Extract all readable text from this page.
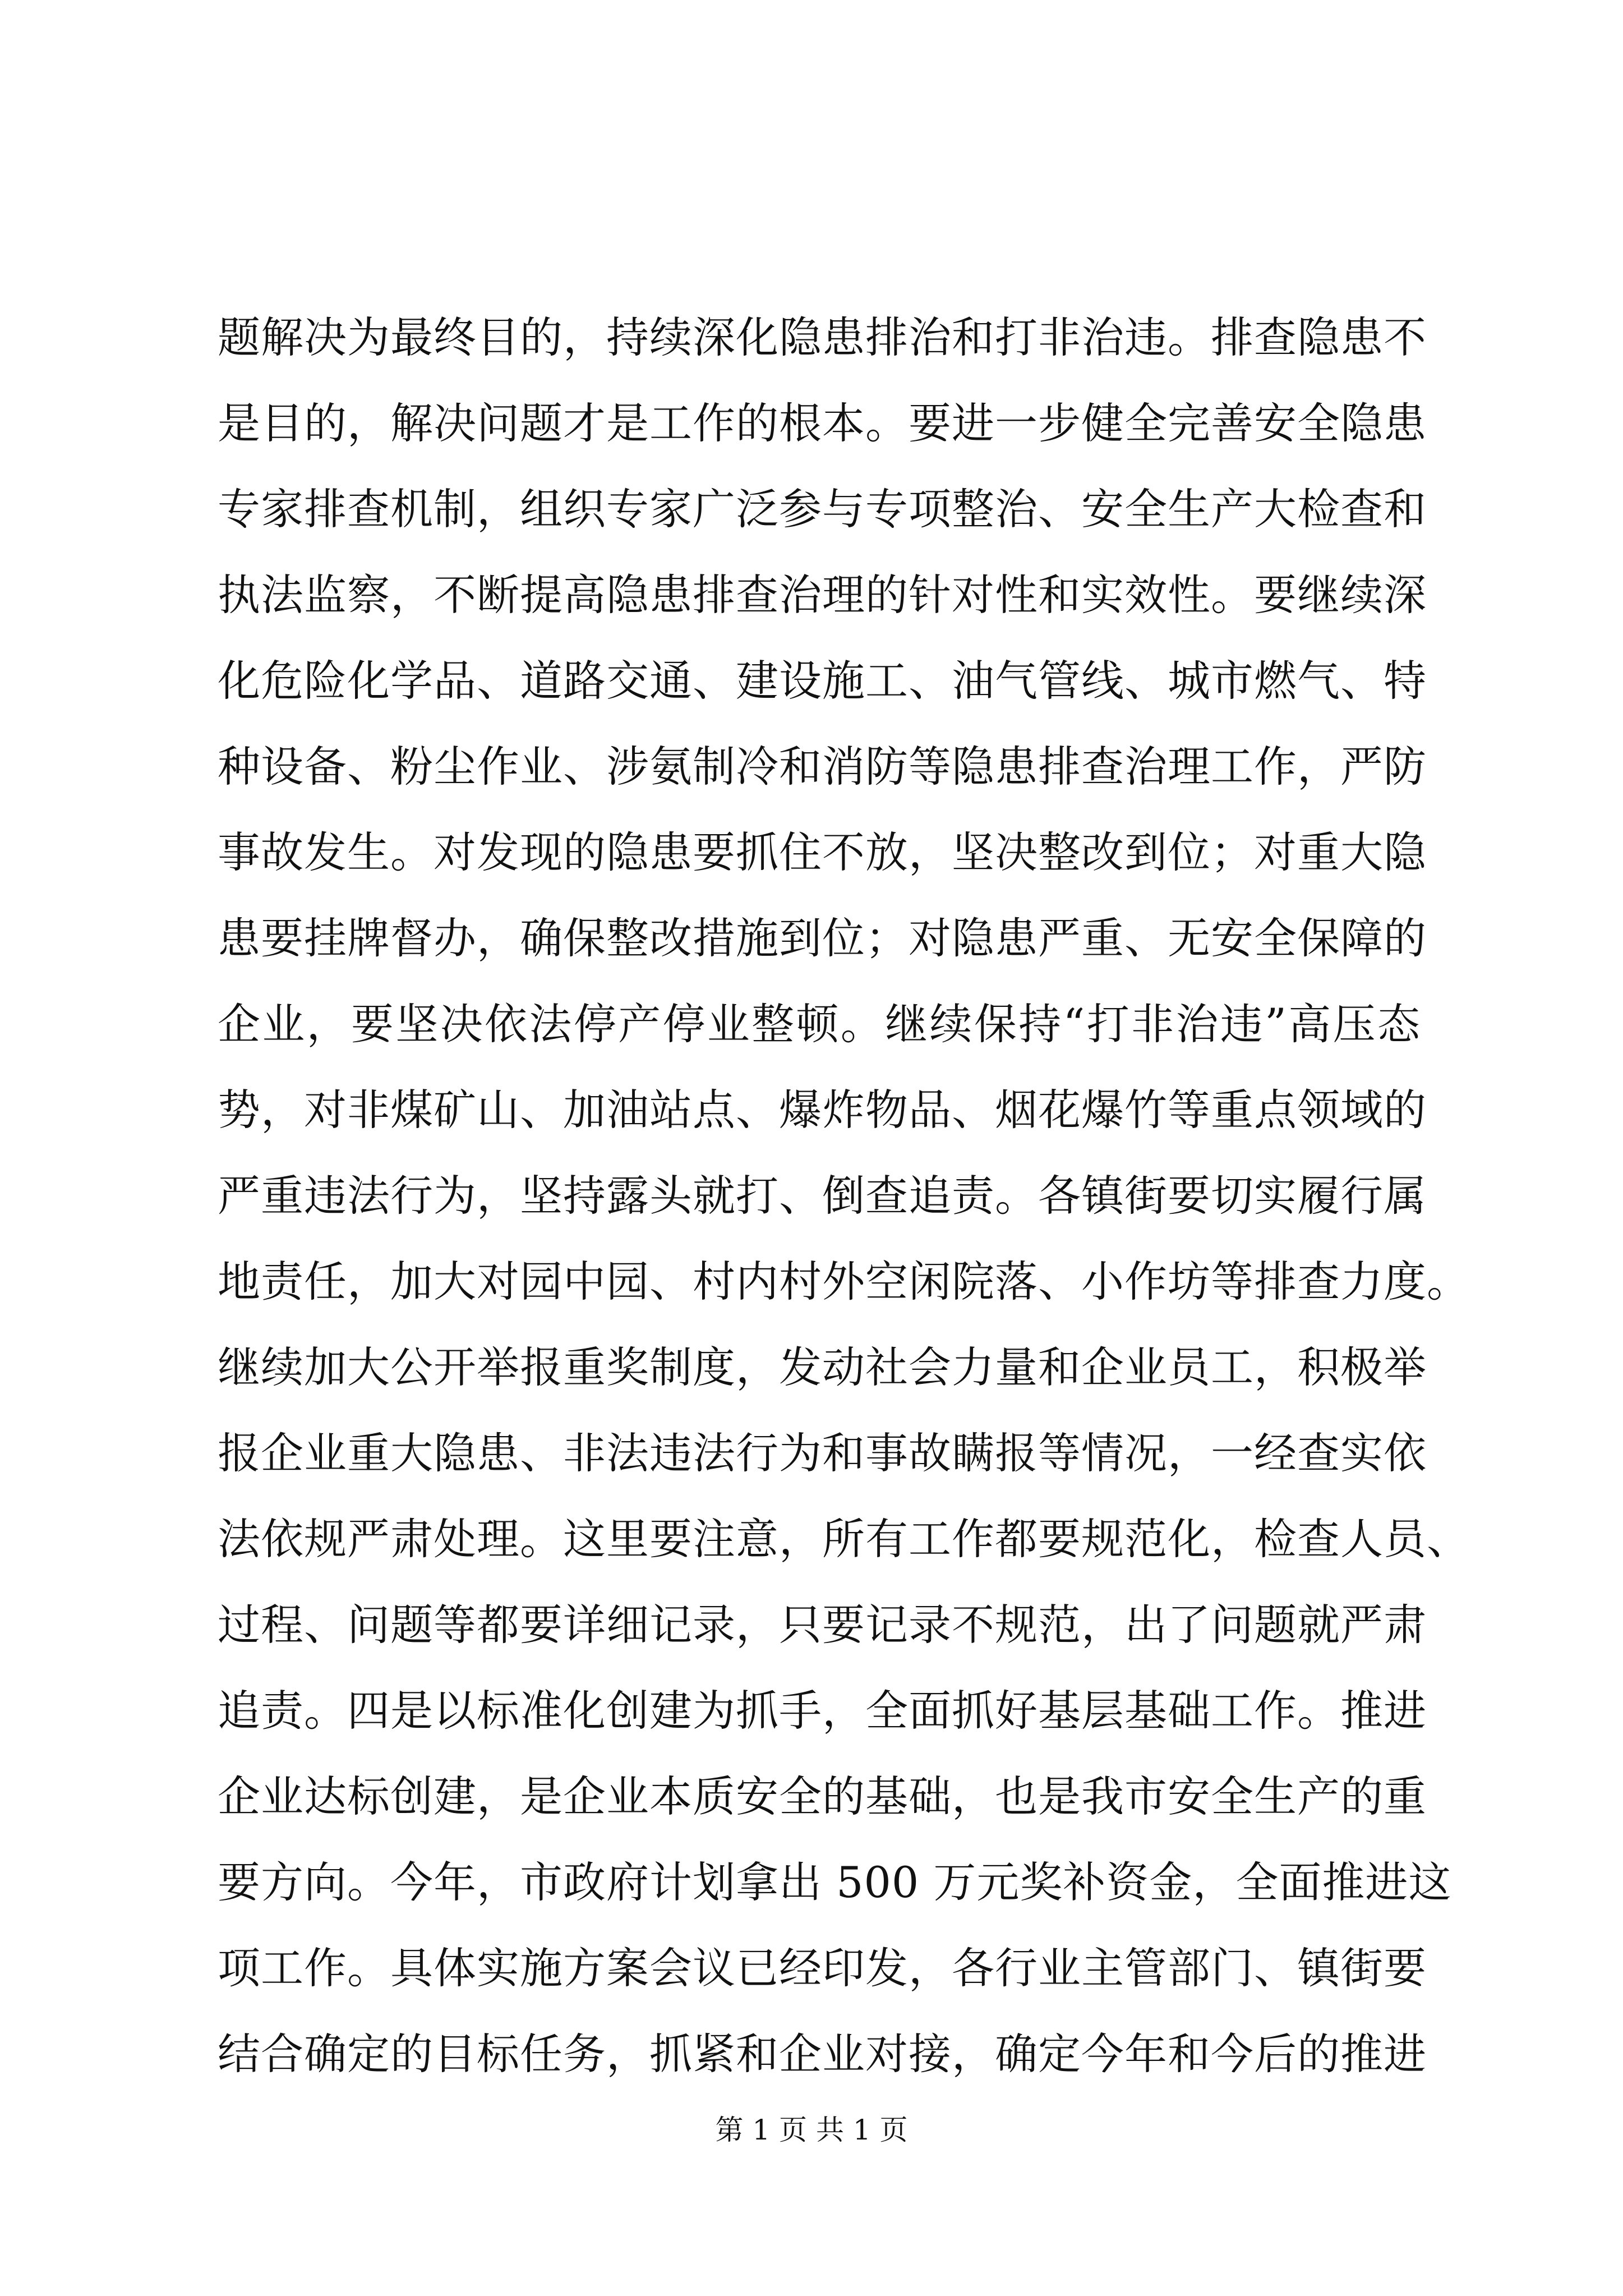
题解决为最终目的，持续深化隐患排治和打非治违。排查隐患不
是目的，解决问题才是工作的根本。要进一步健全完善安全隐患
专家排查机制，组织专家广泛参与专项整治、安全生产大检查和
执法监察，不断提高隐患排查治理的针对性和实效性。要继续深
化危险化学品、道路交通、建设施工、油气管线、城市燃气、特
种设备、粉尘作业、涉氨制冷和消防等隐患排查治理工作，严防
事故发生。对发现的隐患要抓住不放，坚决整改到位；对重大隐
患要挂牌督办，确保整改措施到位；对隐患严重、无安全保障的
企业，要坚决依法停产停业整顿。继续保持“打非治违”高压态
势，对非煤矿山、加油站点、爆炸物品、烟花爆竹等重点领域的
严重违法行为，坚持露头就打、倒查追责。各镇街要切实履行属
地责任，加大对园中园、村内村外空闲院落、小作坊等排查力度。
继续加大公开举报重奖制度，发动社会力量和企业员工，积极举
报企业重大隐患、非法违法行为和事故瞒报等情况，一经查实依
法依规严肃处理。这里要注意，所有工作都要规范化，检查人员、
过程、问题等都要详细记录，只要记录不规范，出了问题就严肃
追责。四是以标准化创建为抓手，全面抓好基层基础工作。推进
企业达标创建，是企业本质安全的基础，也是我市安全生产的重
要方向。今年，市政府计划拿出 500 万元奖补资金，全面推进这
项工作。具体实施方案会议已经印发，各行业主管部门、镇街要
结合确定的目标任务，抓紧和企业对接，确定今年和今后的推进
第 1 页 共 1 页
